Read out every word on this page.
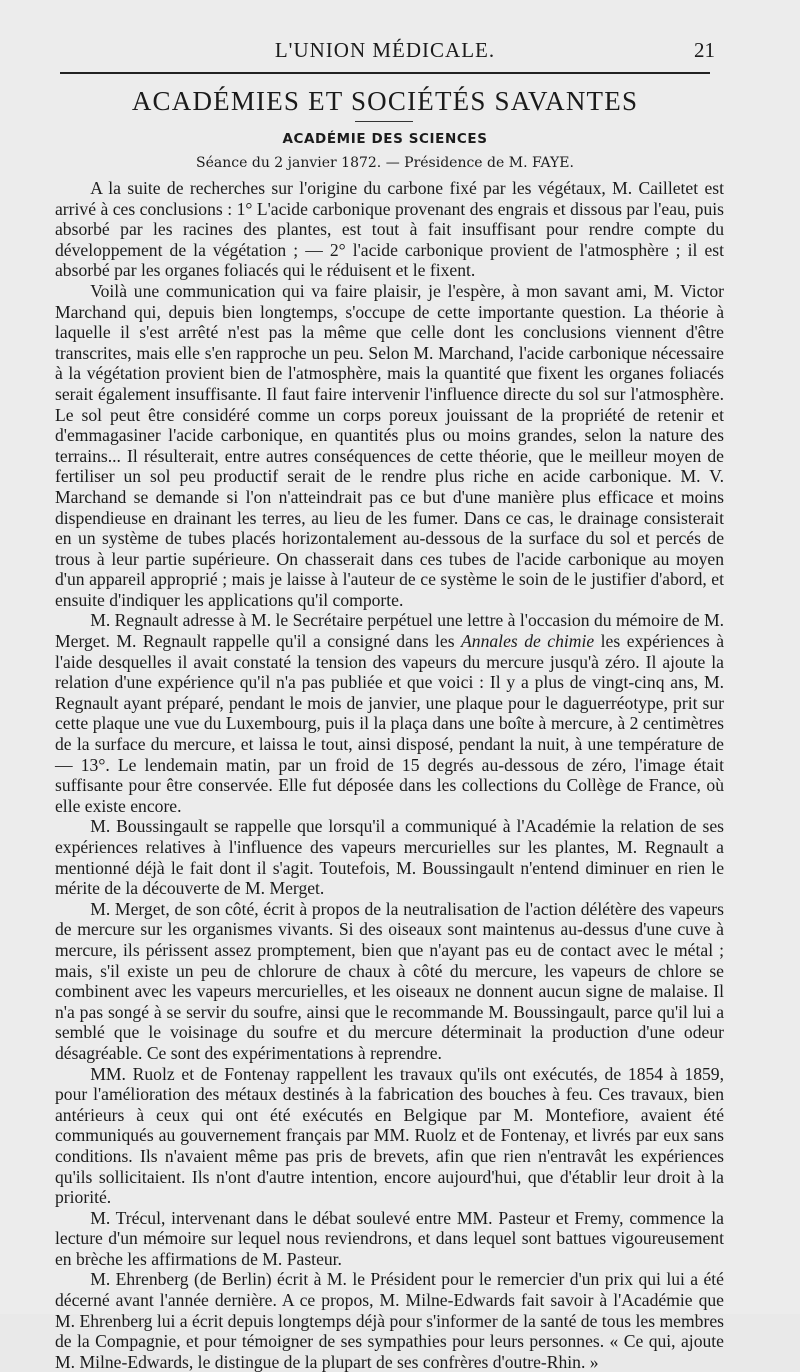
L'UNION MÉDICALE.	21
ACADÉMIES ET SOCIÉTÉS SAVANTES
ACADÉMIE DES SCIENCES
Séance du 2 janvier 1872. — Présidence de M. FAYE.

A la suite de recherches sur l'origine du carbone fixé par les végétaux, M. Cailletet est arrivé à ces conclusions : 1° L'acide carbonique provenant des engrais et dissous par l'eau, puis absorbé par les racines des plantes, est tout à fait insuffisant pour rendre compte du développement de la végétation ; — 2° l'acide carbonique provient de l'atmosphère ; il est absorbé par les organes foliacés qui le réduisent et le fixent.

Voilà une communication qui va faire plaisir, je l'espère, à mon savant ami, M. Victor Marchand qui, depuis bien longtemps, s'occupe de cette importante question. La théorie à laquelle il s'est arrêté n'est pas la même que celle dont les conclusions viennent d'être transcrites, mais elle s'en rapproche un peu. Selon M. Marchand, l'acide carbonique nécessaire à la végétation provient bien de l'atmosphère, mais la quantité que fixent les organes foliacés serait également insuffisante. Il faut faire intervenir l'influence directe du sol sur l'atmosphère. Le sol peut être considéré comme un corps poreux jouissant de la propriété de retenir et d'emmagasiner l'acide carbonique, en quantités plus ou moins grandes, selon la nature des terrains... Il résulterait, entre autres conséquences de cette théorie, que le meilleur moyen de fertiliser un sol peu productif serait de le rendre plus riche en acide carbonique. M. V. Marchand se demande si l'on n'atteindrait pas ce but d'une manière plus efficace et moins dispendieuse en drainant les terres, au lieu de les fumer. Dans ce cas, le drainage consisterait en un système de tubes placés horizontalement au-dessous de la surface du sol et percés de trous à leur partie supérieure. On chasserait dans ces tubes de l'acide carbonique au moyen d'un appareil approprié ; mais je laisse à l'auteur de ce système le soin de le justifier d'abord, et ensuite d'indiquer les applications qu'il comporte.

M. Regnault adresse à M. le Secrétaire perpétuel une lettre à l'occasion du mémoire de M. Merget. M. Regnault rappelle qu'il a consigné dans les Annales de chimie les expériences à l'aide desquelles il avait constaté la tension des vapeurs du mercure jusqu'à zéro. Il ajoute la relation d'une expérience qu'il n'a pas publiée et que voici : Il y a plus de vingt-cinq ans, M. Regnault ayant préparé, pendant le mois de janvier, une plaque pour le daguerréotype, prit sur cette plaque une vue du Luxembourg, puis il la plaça dans une boîte à mercure, à 2 centimètres de la surface du mercure, et laissa le tout, ainsi disposé, pendant la nuit, à une température de — 13°. Le lendemain matin, par un froid de 15 degrés au-dessous de zéro, l'image était suffisante pour être conservée. Elle fut déposée dans les collections du Collège de France, où elle existe encore.

M. Boussingault se rappelle que lorsqu'il a communiqué à l'Académie la relation de ses expériences relatives à l'influence des vapeurs mercurielles sur les plantes, M. Regnault a mentionné déjà le fait dont il s'agit. Toutefois, M. Boussingault n'entend diminuer en rien le mérite de la découverte de M. Merget.

M. Merget, de son côté, écrit à propos de la neutralisation de l'action délétère des vapeurs de mercure sur les organismes vivants. Si des oiseaux sont maintenus au-dessus d'une cuve à mercure, ils périssent assez promptement, bien que n'ayant pas eu de contact avec le métal ; mais, s'il existe un peu de chlorure de chaux à côté du mercure, les vapeurs de chlore se combinent avec les vapeurs mercurielles, et les oiseaux ne donnent aucun signe de malaise. Il n'a pas songé à se servir du soufre, ainsi que le recommande M. Boussingault, parce qu'il lui a semblé que le voisinage du soufre et du mercure déterminait la production d'une odeur désagréable. Ce sont des expérimentations à reprendre.

MM. Ruolz et de Fontenay rappellent les travaux qu'ils ont exécutés, de 1854 à 1859, pour l'amélioration des métaux destinés à la fabrication des bouches à feu. Ces travaux, bien antérieurs à ceux qui ont été exécutés en Belgique par M. Montefiore, avaient été communiqués au gouvernement français par MM. Ruolz et de Fontenay, et livrés par eux sans conditions. Ils n'avaient même pas pris de brevets, afin que rien n'entravât les expériences qu'ils sollicitaient. Ils n'ont d'autre intention, encore aujourd'hui, que d'établir leur droit à la priorité.

M. Trécul, intervenant dans le débat soulevé entre MM. Pasteur et Fremy, commence la lecture d'un mémoire sur lequel nous reviendrons, et dans lequel sont battues vigoureusement en brèche les affirmations de M. Pasteur.

M. Ehrenberg (de Berlin) écrit à M. le Président pour le remercier d'un prix qui lui a été décerné avant l'année dernière. A ce propos, M. Milne-Edwards fait savoir à l'Académie que M. Ehrenberg lui a écrit depuis longtemps déjà pour s'informer de la santé de tous les membres de la Compagnie, et pour témoigner de ses sympathies pour leurs personnes. « Ce qui, ajoute M. Milne-Edwards, le distingue de la plupart de ses confrères d'outre-Rhin. »
